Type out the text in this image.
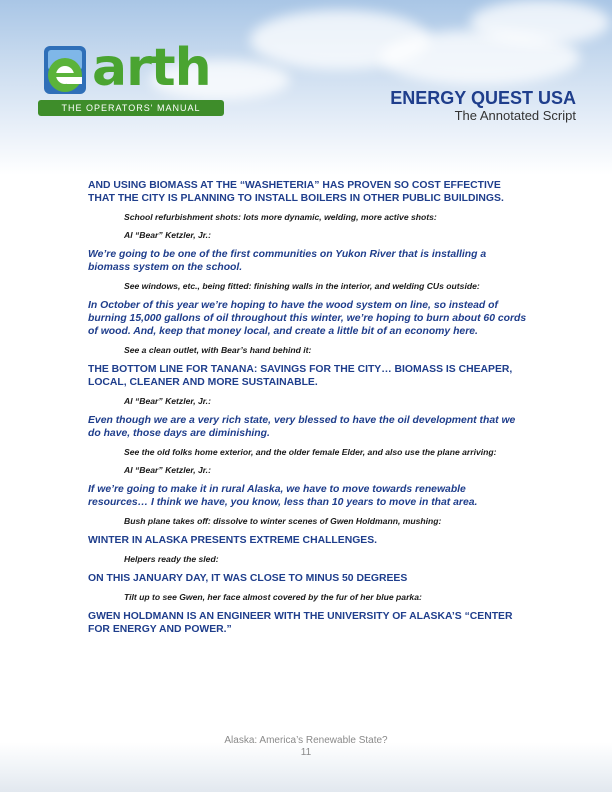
arth
THE OPERATORS' MANUAL	ENERGY QUEST USA
The Annotated Script

AND USING BIOMASS AT THE “WASHETERIA” HAS PROVEN SO COST EFFECTIVE THAT THE CITY IS PLANNING TO INSTALL BOILERS IN OTHER PUBLIC BUILDINGS.

School refurbishment shots: lots more dynamic, welding, more active shots:

Al “Bear” Ketzler, Jr.:

We’re going to be one of the first communities on Yukon River that is installing a biomass system on the school.

See windows, etc., being fitted: finishing walls in the interior, and welding CUs outside:

In October of this year we’re hoping to have the wood system on line, so instead of burning 15,000 gallons of oil throughout this winter, we’re hoping to burn about 60 cords of wood. And, keep that money local, and create a little bit of an economy here.

See a clean outlet, with Bear’s hand behind it:

THE BOTTOM LINE FOR TANANA: SAVINGS FOR THE CITY… BIOMASS IS CHEAPER, LOCAL, CLEANER AND MORE SUSTAINABLE.

Al “Bear” Ketzler, Jr.:

Even though we are a very rich state, very blessed to have the oil development that we do have, those days are diminishing.

See the old folks home exterior, and the older female Elder, and also use the plane arriving:

Al “Bear” Ketzler, Jr.:

If we’re going to make it in rural Alaska, we have to move towards renewable resources… I think we have, you know, less than 10 years to move in that area.

Bush plane takes off: dissolve to winter scenes of Gwen Holdmann, mushing:

WINTER IN ALASKA PRESENTS EXTREME CHALLENGES.

Helpers ready the sled:

ON THIS JANUARY DAY, IT WAS CLOSE TO MINUS 50 DEGREES

Tilt up to see Gwen, her face almost covered by the fur of her blue parka:

GWEN HOLDMANN IS AN ENGINEER WITH THE UNIVERSITY OF ALASKA’S “CENTER FOR ENERGY AND POWER.”

Alaska: America’s Renewable State?
11
